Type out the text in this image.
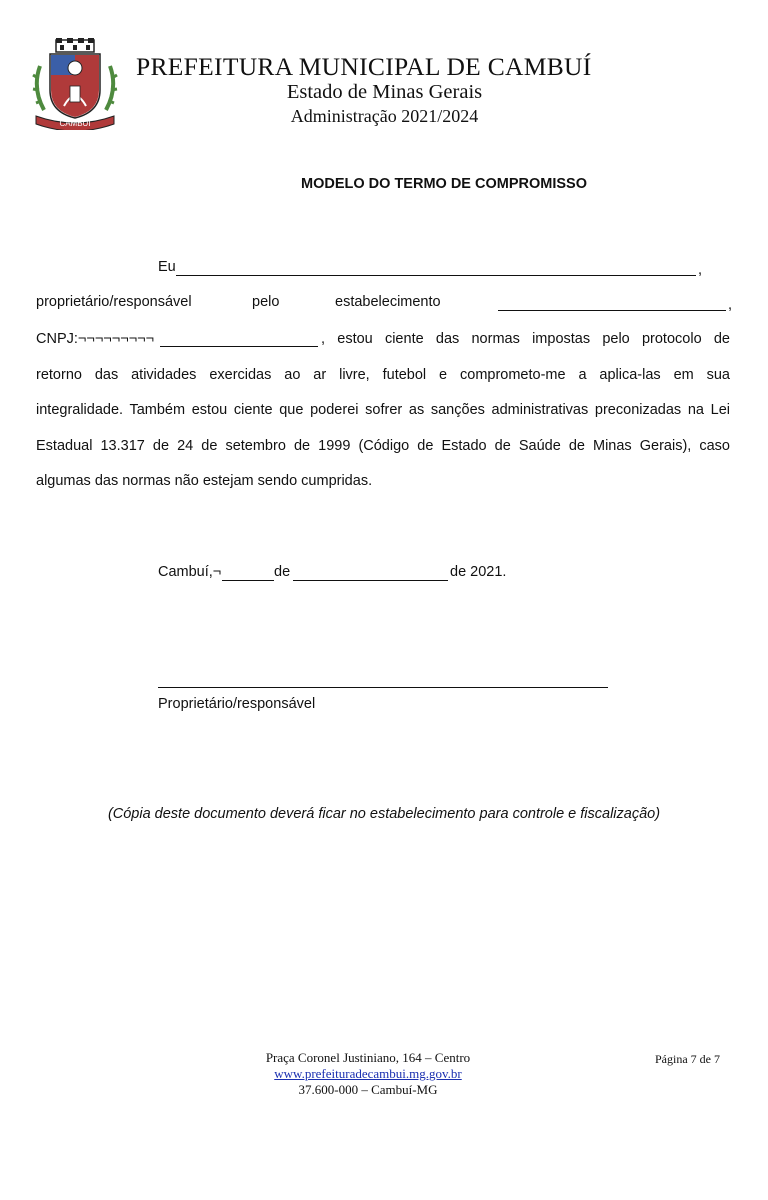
CAMBUÍ
PREFEITURA MUNICIPAL DE CAMBUÍ
Estado de Minas Gerais
Administração 2021/2024
MODELO DO TERMO DE COMPROMISSO
Eu	,
proprietário/responsável	pelo	estabelecimento	,
CNPJ:¬¬¬¬¬¬¬¬¬	, estou ciente das normas impostas pelo protocolo de
retorno das atividades exercidas ao ar livre, futebol e comprometo-me a aplica-las em sua
integralidade. Também estou ciente que poderei sofrer as sanções administrativas preconizadas na Lei
Estadual 13.317 de 24 de setembro de 1999 (Código de Estado de Saúde de Minas Gerais), caso
algumas das normas não estejam sendo cumpridas.
Cambuí,¬	de	de 2021.
Proprietário/responsável
(Cópia deste documento deverá ficar no estabelecimento para controle e fiscalização)
Praça Coronel Justiniano, 164 – Centro
www.prefeituradecambui.mg.gov.br
37.600-000 – Cambuí-MG
Página 7 de 7
